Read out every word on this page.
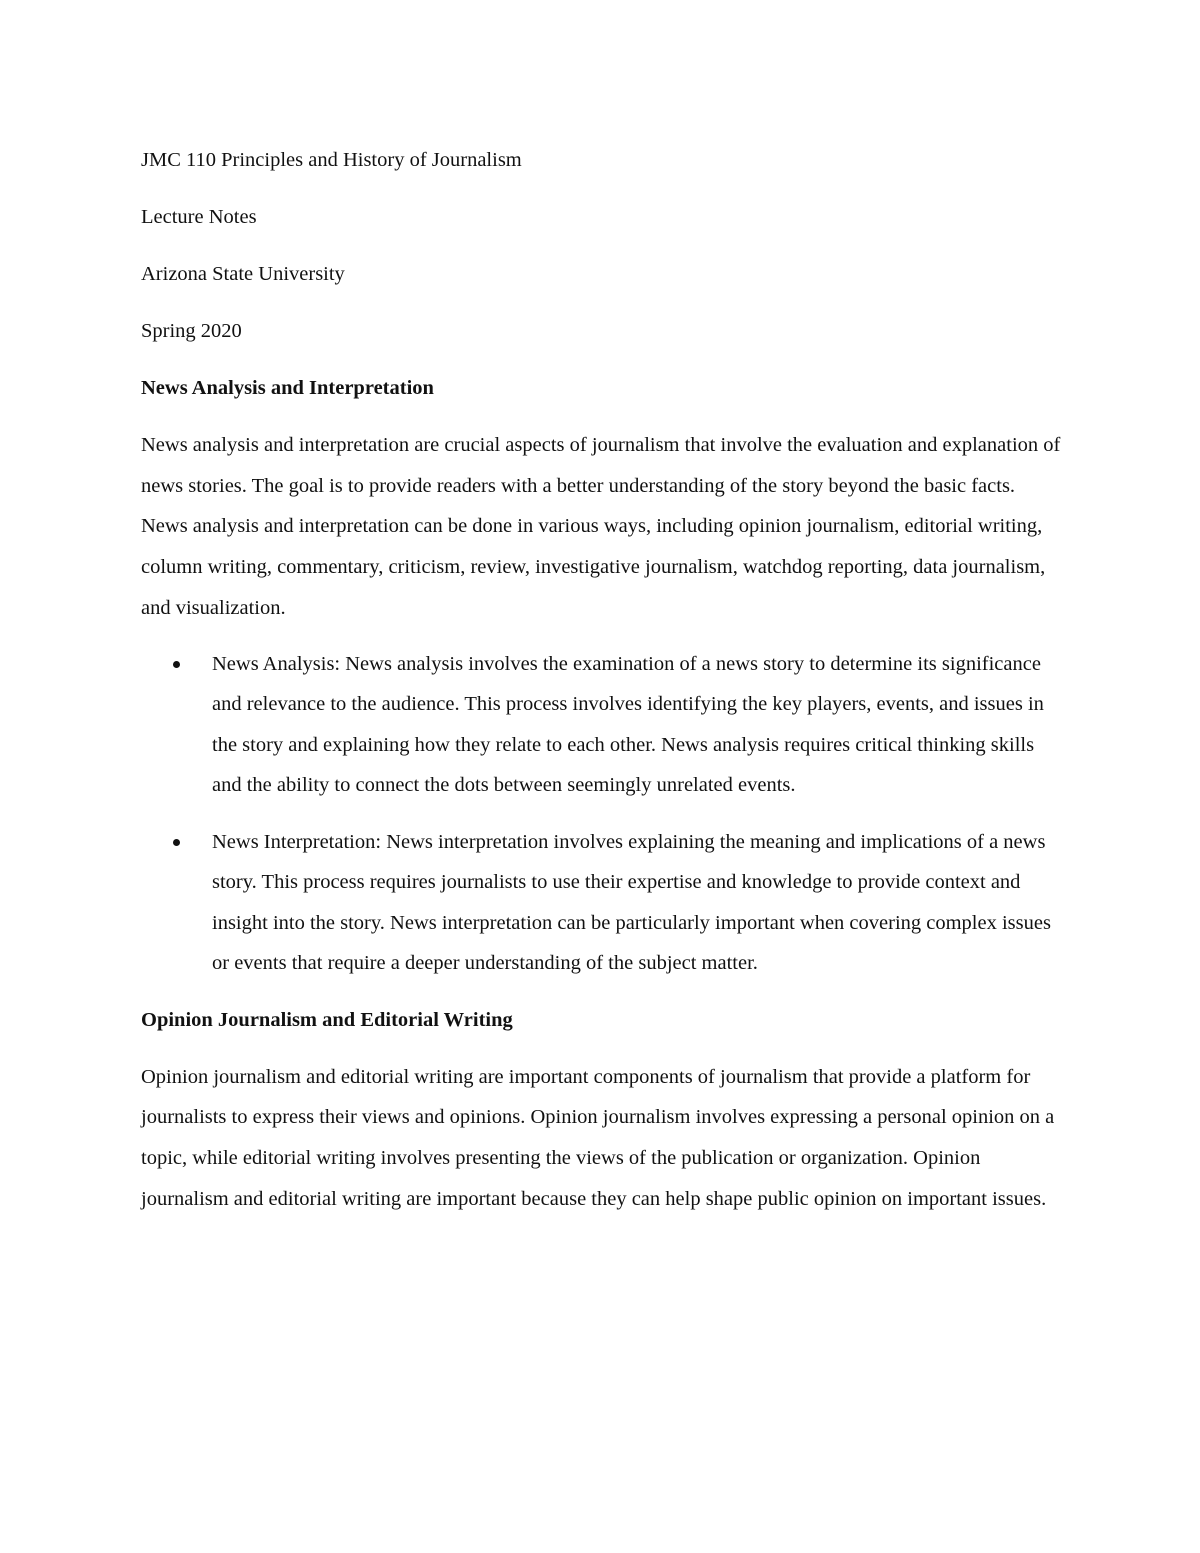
JMC 110 Principles and History of Journalism
Lecture Notes
Arizona State University
Spring 2020
News Analysis and Interpretation
News analysis and interpretation are crucial aspects of journalism that involve the evaluation and explanation of news stories. The goal is to provide readers with a better understanding of the story beyond the basic facts. News analysis and interpretation can be done in various ways, including opinion journalism, editorial writing, column writing, commentary, criticism, review, investigative journalism, watchdog reporting, data journalism, and visualization.
News Analysis: News analysis involves the examination of a news story to determine its significance and relevance to the audience. This process involves identifying the key players, events, and issues in the story and explaining how they relate to each other. News analysis requires critical thinking skills and the ability to connect the dots between seemingly unrelated events.
News Interpretation: News interpretation involves explaining the meaning and implications of a news story. This process requires journalists to use their expertise and knowledge to provide context and insight into the story. News interpretation can be particularly important when covering complex issues or events that require a deeper understanding of the subject matter.
Opinion Journalism and Editorial Writing
Opinion journalism and editorial writing are important components of journalism that provide a platform for journalists to express their views and opinions. Opinion journalism involves expressing a personal opinion on a topic, while editorial writing involves presenting the views of the publication or organization. Opinion journalism and editorial writing are important because they can help shape public opinion on important issues.
